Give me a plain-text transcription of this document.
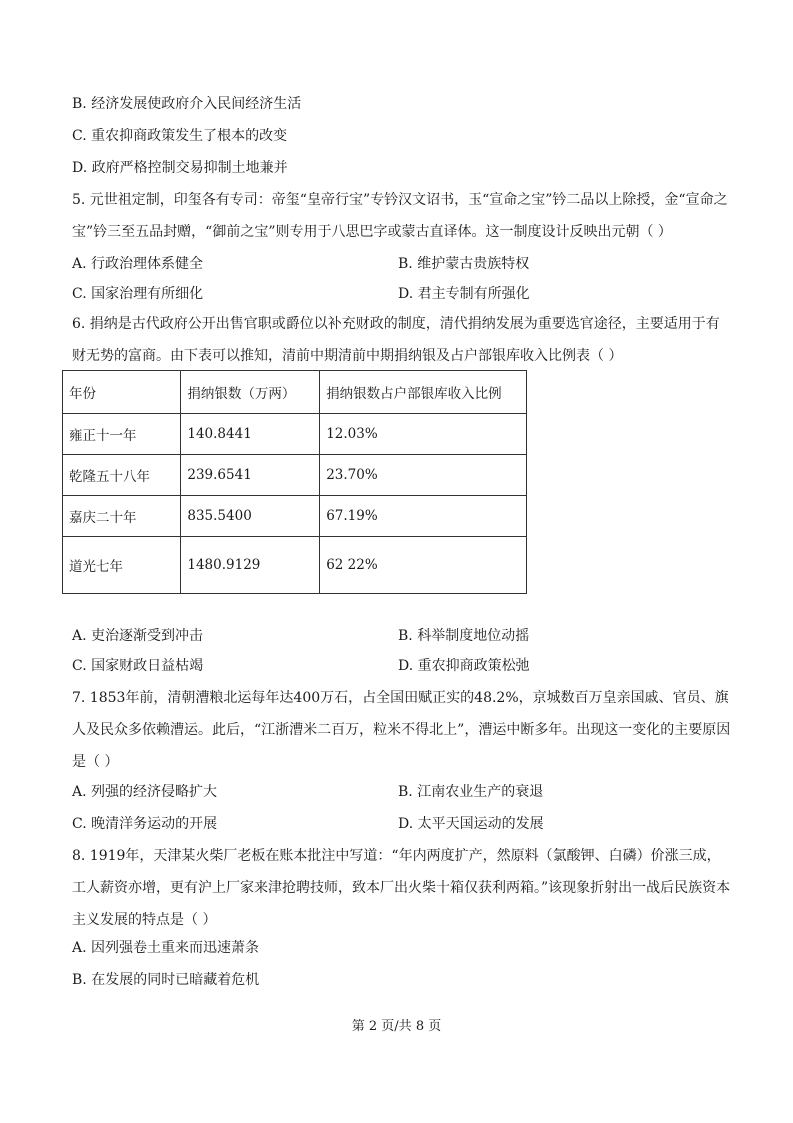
B. 经济发展使政府介入民间经济生活
C. 重农抑商政策发生了根本的改变
D. 政府严格控制交易抑制土地兼并
5. 元世祖定制，印玺各有专司：帝玺“皇帝行宝”专钤汉文诏书，玉“宣命之宝”钤二品以上除授，金“宣命之宝”钤三至五品封赠，“御前之宝”则专用于八思巴字或蒙古直译体。这一制度设计反映出元朝（ ）
A. 行政治理体系健全	B. 维护蒙古贵族特权
C. 国家治理有所细化	D. 君主专制有所强化
6. 捐纳是古代政府公开出售官职或爵位以补充财政的制度，清代捐纳发展为重要选官途径，主要适用于有财无势的富商。由下表可以推知，清前中期清前中期捐纳银及占户部银库收入比例表（ ）
年份	捐纳银数（万两）	捐纳银数占户部银库收入比例
雍正十一年	140.8441	12.03%
乾隆五十八年	239.6541	23.70%
嘉庆二十年	835.5400	67.19%
道光七年	1480.9129	62 22%
A. 吏治逐渐受到冲击	B. 科举制度地位动摇
C. 国家财政日益枯竭	D. 重农抑商政策松弛
7. 1853年前，清朝漕粮北运每年达400万石，占全国田赋正实的48.2%，京城数百万皇亲国戚、官员、旗人及民众多依赖漕运。此后，“江浙漕米二百万，粒米不得北上”，漕运中断多年。出现这一变化的主要原因是（ ）
A. 列强的经济侵略扩大	B. 江南农业生产的衰退
C. 晚清洋务运动的开展	D. 太平天国运动的发展
8. 1919年，天津某火柴厂老板在账本批注中写道：“年内两度扩产，然原料（氯酸钾、白磷）价涨三成，工人薪资亦增，更有沪上厂家来津抢聘技师，致本厂出火柴十箱仅获利两箱。”该现象折射出一战后民族资本主义发展的特点是（ ）
A. 因列强卷土重来而迅速萧条
B. 在发展的同时已暗藏着危机
第 2 页/共 8 页
